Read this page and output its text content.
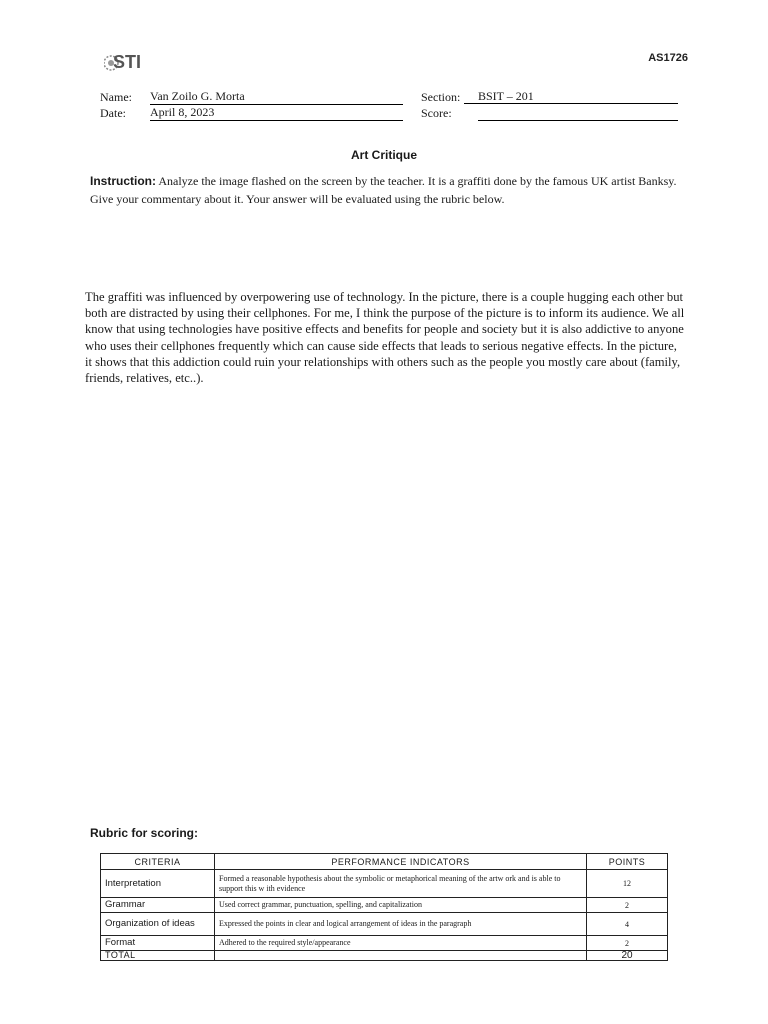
STI	AS1726
Name: Van Zoilo G. Morta
Date: April 8, 2023
Section:	BSIT – 201
Score:
Art Critique
Instruction: Analyze the image flashed on the screen by the teacher. It is a graffiti done by the famous UK artist Banksy. Give your commentary about it. Your answer will be evaluated using the rubric below.
The graffiti was influenced by overpowering use of technology. In the picture, there is a couple hugging each other but both are distracted by using their cellphones. For me, I think the purpose of the picture is to inform its audience. We all know that using technologies have positive effects and benefits for people and society but it is also addictive to anyone who uses their cellphones frequently which can cause side effects that leads to serious negative effects. In the picture, it shows that this addiction could ruin your relationships with others such as the people you mostly care about (family, friends, relatives, etc..).
Rubric for scoring:
CRITERIA	PERFORMANCE INDICATORS	POINTS
Interpretation	Formed a reasonable hypothesis about the symbolic or metaphorical meaning of the artw ork and is able to support this w ith evidence	12
Grammar	Used correct grammar, punctuation, spelling, and capitalization	2
Organization of ideas	Expressed the points in clear and logical arrangement of ideas in the paragraph	4
Format	Adhered to the required style/appearance	2
TOTAL		20
